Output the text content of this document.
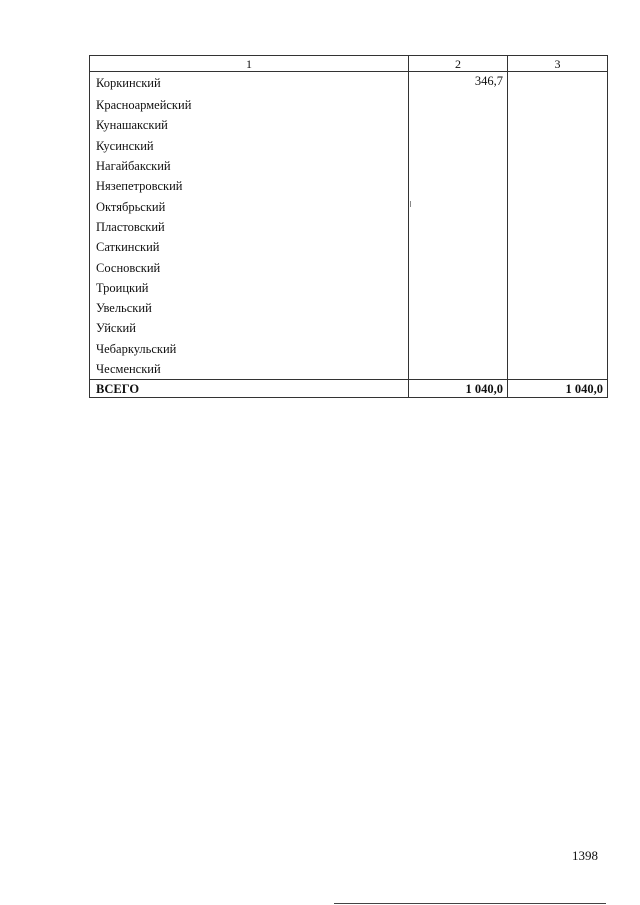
1	2	3
Коркинский	346,7	
Красноармейский		
Кунашакский		
Кусинский		
Нагайбакский		
Нязепетровский		
Октябрьский		
Пластовский		
Саткинский		
Сосновский		
Троицкий		
Увельский		
Уйский		
Чебаркульский		
Чесменский		
ВСЕГО	1 040,0	1 040,0
1398
